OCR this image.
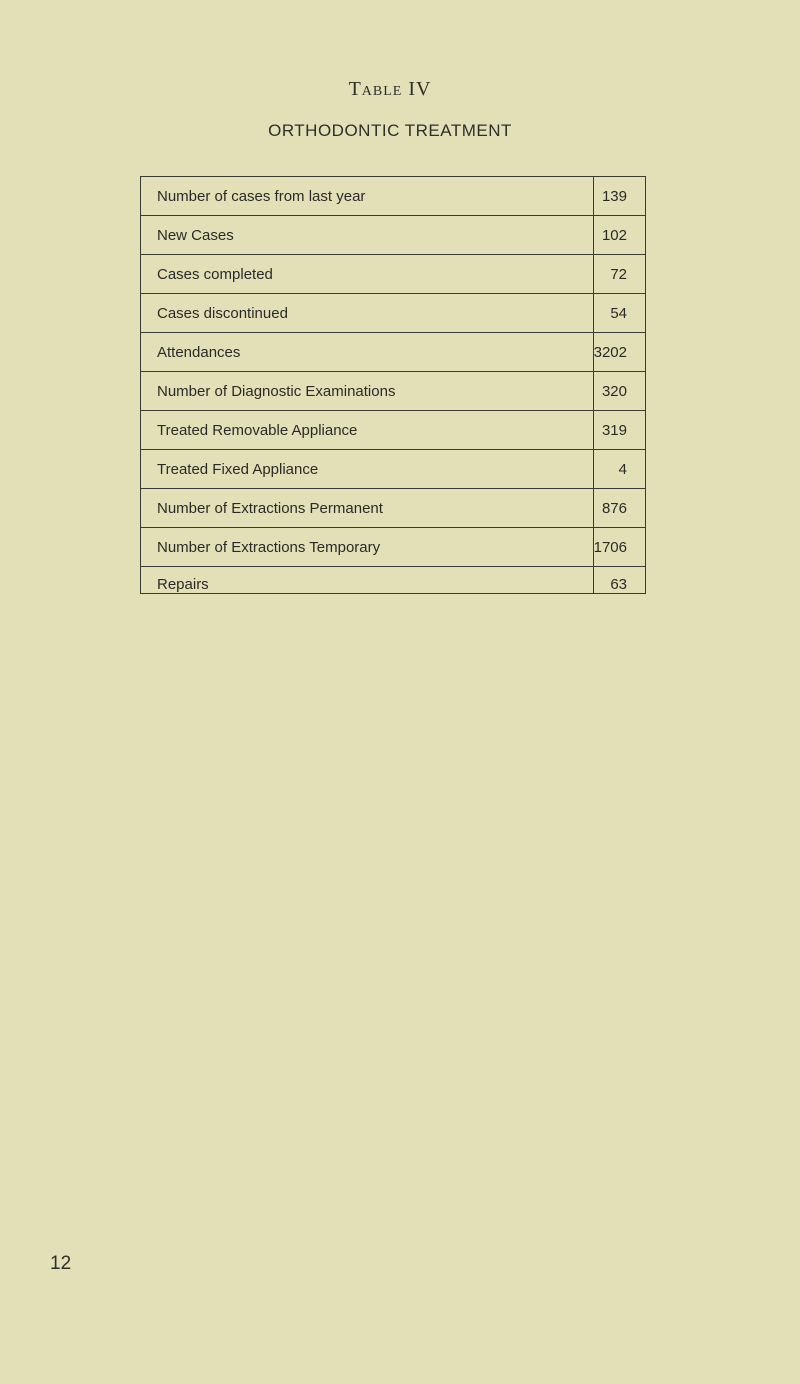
Table IV
ORTHODONTIC TREATMENT
Number of cases from last year	139
New Cases	102
Cases completed	72
Cases discontinued	54
Attendances	3202
Number of Diagnostic Examinations	320
Treated Removable Appliance	319
Treated Fixed Appliance	4
Number of Extractions Permanent	876
Number of Extractions Temporary	1706
Repairs	63
12
